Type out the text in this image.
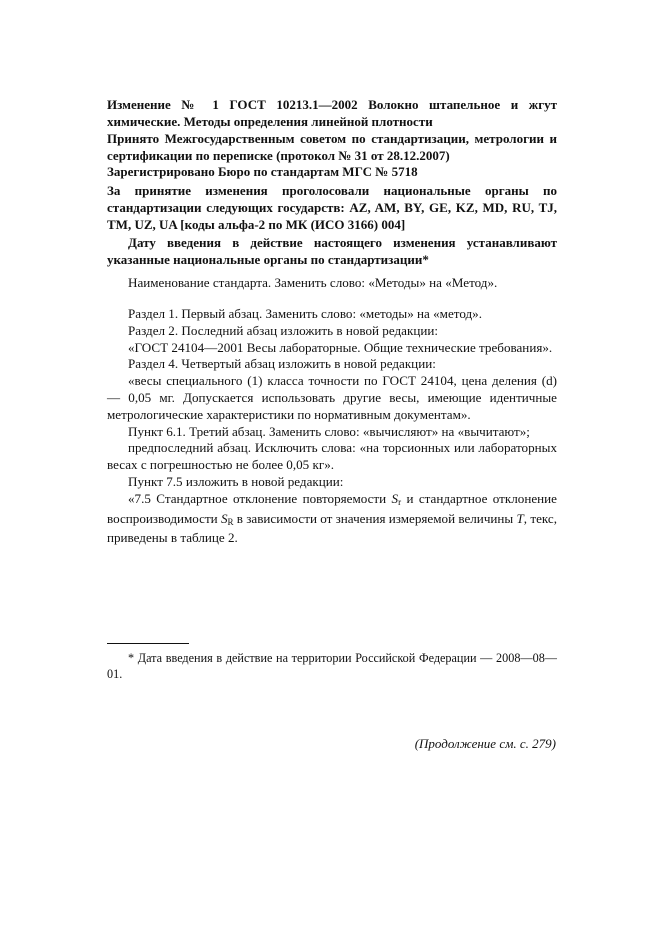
Изменение № 1 ГОСТ 10213.1—2002 Волокно штапельное и жгут химические. Методы определения линейной плотности

Принято Межгосударственным советом по стандартизации, метрологии и сертификации по переписке (протокол № 31 от 28.12.2007)

Зарегистрировано Бюро по стандартам МГС № 5718

За принятие изменения проголосовали национальные органы по стандартизации следующих государств: AZ, AM, BY, GE, KZ, MD, RU, TJ, TM, UZ, UA [коды альфа-2 по МК (ИСО 3166) 004]

Дату введения в действие настоящего изменения устанавливают указанные национальные органы по стандартизации*

Наименование стандарта. Заменить слово: «Методы» на «Метод».

Раздел 1. Первый абзац. Заменить слово: «методы» на «метод».

Раздел 2. Последний абзац изложить в новой редакции:

«ГОСТ 24104—2001 Весы лабораторные. Общие технические требования».

Раздел 4. Четвертый абзац изложить в новой редакции:

«весы специального (1) класса точности по ГОСТ 24104, цена деления (d) — 0,05 мг. Допускается использовать другие весы, имеющие идентичные метрологические характеристики по нормативным документам».

Пункт 6.1. Третий абзац. Заменить слово: «вычисляют» на «вычитают»;

предпоследний абзац. Исключить слова: «на торсионных или лабораторных весах с погрешностью не более 0,05 кг».

Пункт 7.5 изложить в новой редакции:

«7.5 Стандартное отклонение повторяемости $S_r$ и стандартное отклонение воспроизводимости $S_R$ в зависимости от значения измеряемой величины T, текс, приведены в таблице 2.

* Дата введения в действие на территории Российской Федерации — 2008—08—01.

(Продолжение см. с. 279)
